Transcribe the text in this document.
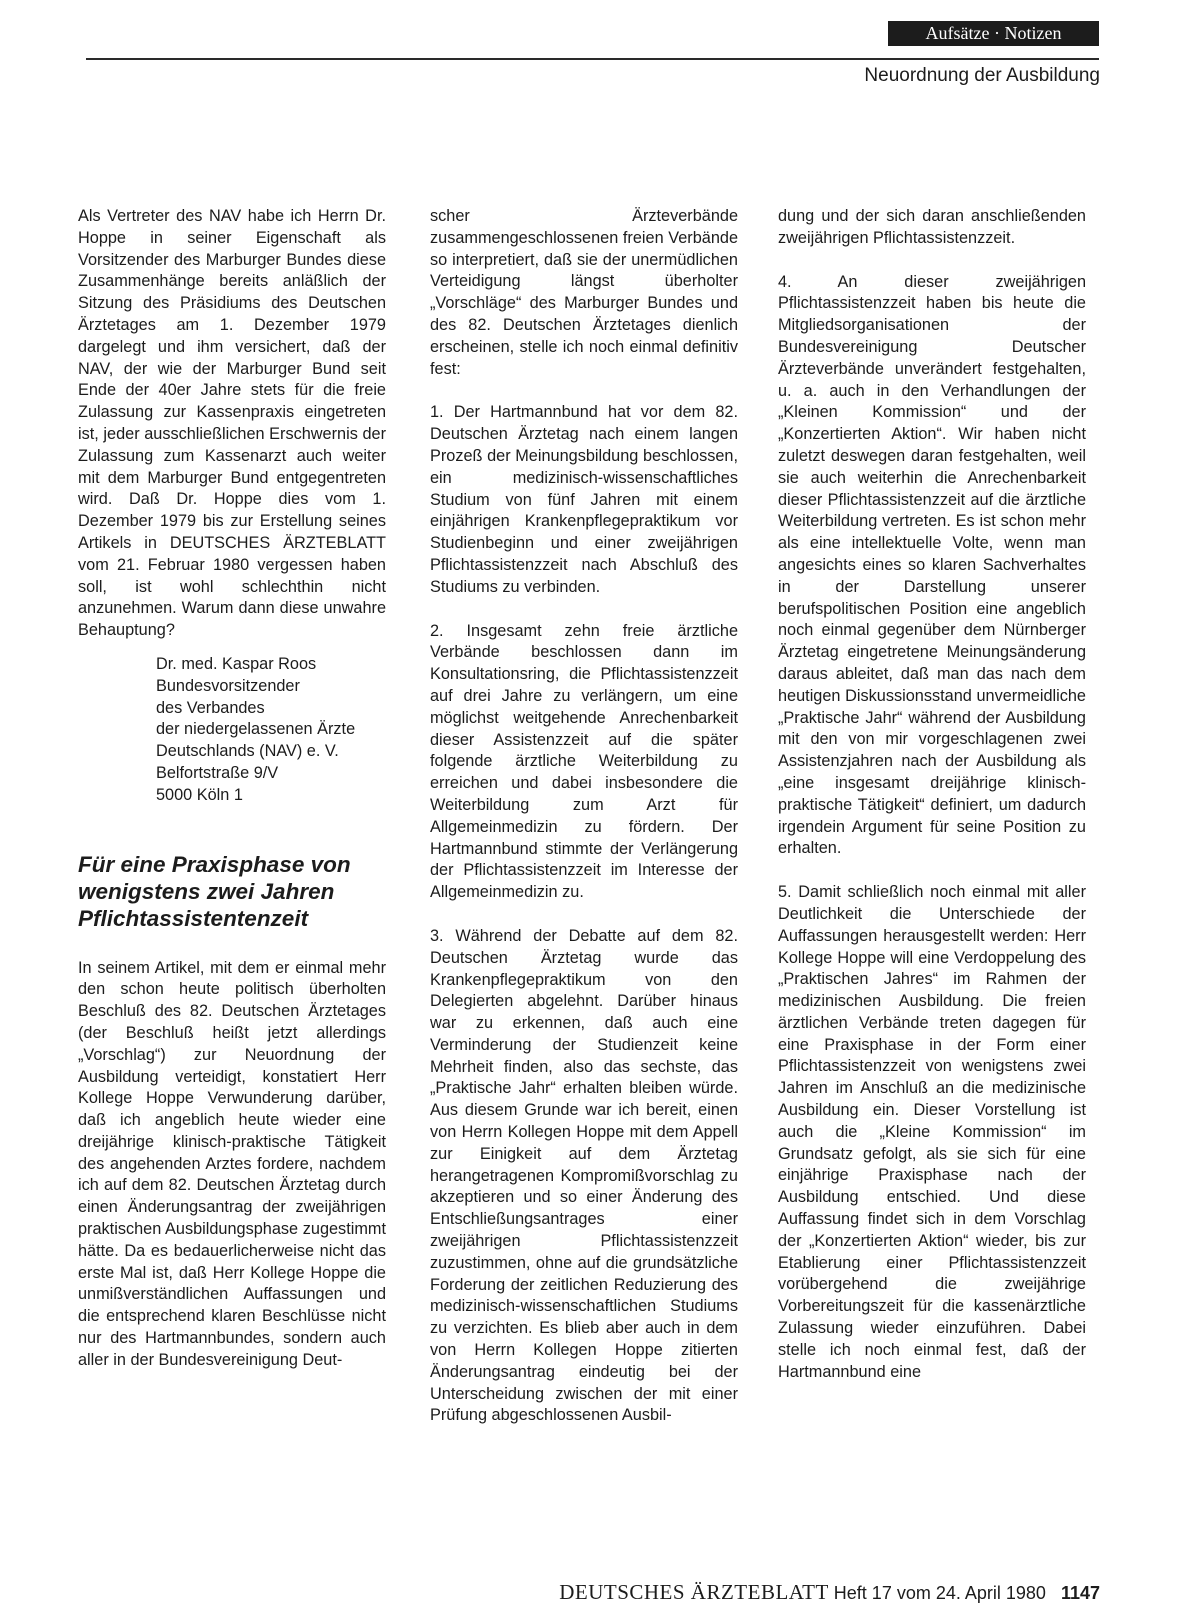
Aufsätze · Notizen
Neuordnung der Ausbildung

Als Vertreter des NAV habe ich Herrn Dr. Hoppe in seiner Eigenschaft als Vorsitzender des Marburger Bundes diese Zusammenhänge bereits anläßlich der Sitzung des Präsidiums des Deutschen Ärztetages am 1. Dezember 1979 dargelegt und ihm versichert, daß der NAV, der wie der Marburger Bund seit Ende der 40er Jahre stets für die freie Zulassung zur Kassenpraxis eingetreten ist, jeder ausschließlichen Erschwernis der Zulassung zum Kassenarzt auch weiter mit dem Marburger Bund entgegentreten wird. Daß Dr. Hoppe dies vom 1. Dezember 1979 bis zur Erstellung seines Artikels in DEUTSCHES ÄRZTEBLATT vom 21. Februar 1980 vergessen haben soll, ist wohl schlechthin nicht anzunehmen. Warum dann diese unwahre Behauptung?

Dr. med. Kaspar Roos
Bundesvorsitzender
des Verbandes
der niedergelassenen Ärzte
Deutschlands (NAV) e. V.
Belfortstraße 9/V
5000 Köln 1
Für eine Praxisphase von wenigstens zwei Jahren Pflichtassistentenzeit

In seinem Artikel, mit dem er einmal mehr den schon heute politisch überholten Beschluß des 82. Deutschen Ärztetages (der Beschluß heißt jetzt allerdings „Vorschlag“) zur Neuordnung der Ausbildung verteidigt, konstatiert Herr Kollege Hoppe Verwunderung darüber, daß ich angeblich heute wieder eine dreijährige klinisch-praktische Tätigkeit des angehenden Arztes fordere, nachdem ich auf dem 82. Deutschen Ärztetag durch einen Änderungsantrag der zweijährigen praktischen Ausbildungsphase zugestimmt hätte. Da es bedauerlicherweise nicht das erste Mal ist, daß Herr Kollege Hoppe die unmißverständlichen Auffassungen und die entsprechend klaren Beschlüsse nicht nur des Hartmannbundes, sondern auch aller in der Bundesvereinigung Deut-

scher Ärzteverbände zusammengeschlossenen freien Verbände so interpretiert, daß sie der unermüdlichen Verteidigung längst überholter „Vorschläge“ des Marburger Bundes und des 82. Deutschen Ärztetages dienlich erscheinen, stelle ich noch einmal definitiv fest:

1. Der Hartmannbund hat vor dem 82. Deutschen Ärztetag nach einem langen Prozeß der Meinungsbildung beschlossen, ein medizinisch-wissenschaftliches Studium von fünf Jahren mit einem einjährigen Krankenpflegepraktikum vor Studienbeginn und einer zweijährigen Pflichtassistenzzeit nach Abschluß des Studiums zu verbinden.

2. Insgesamt zehn freie ärztliche Verbände beschlossen dann im Konsultationsring, die Pflichtassistenzzeit auf drei Jahre zu verlängern, um eine möglichst weitgehende Anrechenbarkeit dieser Assistenzzeit auf die später folgende ärztliche Weiterbildung zu erreichen und dabei insbesondere die Weiterbildung zum Arzt für Allgemeinmedizin zu fördern. Der Hartmannbund stimmte der Verlängerung der Pflichtassistenzzeit im Interesse der Allgemeinmedizin zu.

3. Während der Debatte auf dem 82. Deutschen Ärztetag wurde das Krankenpflegepraktikum von den Delegierten abgelehnt. Darüber hinaus war zu erkennen, daß auch eine Verminderung der Studienzeit keine Mehrheit finden, also das sechste, das „Praktische Jahr“ erhalten bleiben würde. Aus diesem Grunde war ich bereit, einen von Herrn Kollegen Hoppe mit dem Appell zur Einigkeit auf dem Ärztetag herangetragenen Kompromißvorschlag zu akzeptieren und so einer Änderung des Entschließungsantrages einer zweijährigen Pflichtassistenzzeit zuzustimmen, ohne auf die grundsätzliche Forderung der zeitlichen Reduzierung des medizinisch-wissenschaftlichen Studiums zu verzichten. Es blieb aber auch in dem von Herrn Kollegen Hoppe zitierten Änderungsantrag eindeutig bei der Unterscheidung zwischen der mit einer Prüfung abgeschlossenen Ausbil-

dung und der sich daran anschließenden zweijährigen Pflichtassistenzzeit.

4. An dieser zweijährigen Pflichtassistenzzeit haben bis heute die Mitgliedsorganisationen der Bundesvereinigung Deutscher Ärzteverbände unverändert festgehalten, u. a. auch in den Verhandlungen der „Kleinen Kommission“ und der „Konzertierten Aktion“. Wir haben nicht zuletzt deswegen daran festgehalten, weil sie auch weiterhin die Anrechenbarkeit dieser Pflichtassistenzzeit auf die ärztliche Weiterbildung vertreten. Es ist schon mehr als eine intellektuelle Volte, wenn man angesichts eines so klaren Sachverhaltes in der Darstellung unserer berufspolitischen Position eine angeblich noch einmal gegenüber dem Nürnberger Ärztetag eingetretene Meinungsänderung daraus ableitet, daß man das nach dem heutigen Diskussionsstand unvermeidliche „Praktische Jahr“ während der Ausbildung mit den von mir vorgeschlagenen zwei Assistenzjahren nach der Ausbildung als „eine insgesamt dreijährige klinisch-praktische Tätigkeit“ definiert, um dadurch irgendein Argument für seine Position zu erhalten.

5. Damit schließlich noch einmal mit aller Deutlichkeit die Unterschiede der Auffassungen herausgestellt werden: Herr Kollege Hoppe will eine Verdoppelung des „Praktischen Jahres“ im Rahmen der medizinischen Ausbildung. Die freien ärztlichen Verbände treten dagegen für eine Praxisphase in der Form einer Pflichtassistenzzeit von wenigstens zwei Jahren im Anschluß an die medizinische Ausbildung ein. Dieser Vorstellung ist auch die „Kleine Kommission“ im Grundsatz gefolgt, als sie sich für eine einjährige Praxisphase nach der Ausbildung entschied. Und diese Auffassung findet sich in dem Vorschlag der „Konzertierten Aktion“ wieder, bis zur Etablierung einer Pflichtassistenzzeit vorübergehend die zweijährige Vorbereitungszeit für die kassenärztliche Zulassung wieder einzuführen. Dabei stelle ich noch einmal fest, daß der Hartmannbund eine

DEUTSCHES ÄRZTEBLATT Heft 17 vom 24. April 1980 1147
